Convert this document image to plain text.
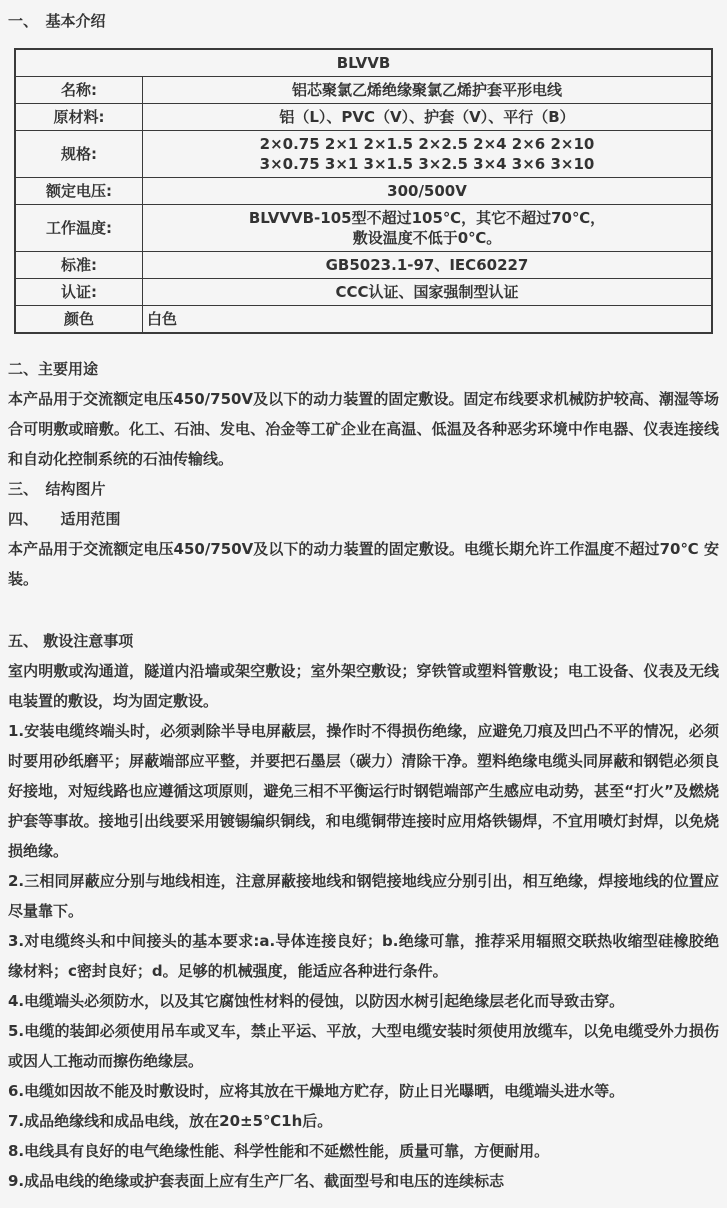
一、　基本介绍
BLVVB	
名称:	铝芯聚氯乙烯绝缘聚氯乙烯护套平形电线
原材料:	铝（L）、PVC（V）、护套（V）、平行（B）
规格:	2×0.75 2×1 2×1.5 2×2.5 2×4 2×6 2×10
3×0.75 3×1 3×1.5 3×2.5 3×4 3×6 3×10

额定电压:	300/500V
工作温度:	BLVVVB-105型不超过105℃，其它不超过70℃，
敷设温度不低于0℃。

标准:	GB5023.1-97、IEC60227
认证:	CCC认证、国家强制型认证
颜色	白色
二、主要用途

本产品用于交流额定电压450/750V及以下的动力装置的固定敷设。固定布线要求机械防护较高、潮湿等场合可明敷或暗敷。化工、石油、发电、冶金等工矿企业在高温、低温及各种恶劣环境中作电器、仪表连接线和自动化控制系统的石油传输线。

三、　结构图片
四、　　适用范围

本产品用于交流额定电压450/750V及以下的动力装置的固定敷设。电缆长期允许工作温度不超过70℃ 安装。

五、 敷设注意事项

室内明敷或沟通道，隧道内沿墙或架空敷设；室外架空敷设；穿铁管或塑料管敷设；电工设备、仪表及无线电装置的敷设，均为固定敷设。

1.安装电缆终端头时，必须剥除半导电屏蔽层，操作时不得损伤绝缘，应避免刀痕及凹凸不平的情况，必须时要用砂纸磨平；屏蔽端部应平整，并要把石墨层（碳力）清除干净。塑料绝缘电缆头同屏蔽和钢铠必须良好接地，对短线路也应遵循这项原则，避免三相不平衡运行时钢铠端部产生感应电动势，甚至“打火”及燃烧护套等事故。接地引出线要采用镀锡编织铜线，和电缆铜带连接时应用烙铁锡焊，不宜用喷灯封焊，以免烧损绝缘。

2.三相同屏蔽应分别与地线相连，注意屏蔽接地线和钢铠接地线应分别引出，相互绝缘，焊接地线的位置应尽量靠下。

3.对电缆终头和中间接头的基本要求:a.导体连接良好；b.绝缘可靠，推荐采用辐照交联热收缩型硅橡胶绝缘材料；c密封良好；d。足够的机械强度，能适应各种进行条件。

4.电缆端头必须防水，以及其它腐蚀性材料的侵蚀，以防因水树引起绝缘层老化而导致击穿。

5.电缆的装卸必须使用吊车或叉车，禁止平运、平放，大型电缆安装时须使用放缆车，以免电缆受外力损伤或因人工拖动而擦伤绝缘层。

6.电缆如因故不能及时敷设时，应将其放在干燥地方贮存，防止日光曝晒，电缆端头进水等。

7.成品绝缘线和成品电线，放在20±5℃1h后。

8.电线具有良好的电气绝缘性能、科学性能和不延燃性能，质量可靠，方便耐用。

9.成品电线的绝缘或护套表面上应有生产厂名、截面型号和电压的连续标志
